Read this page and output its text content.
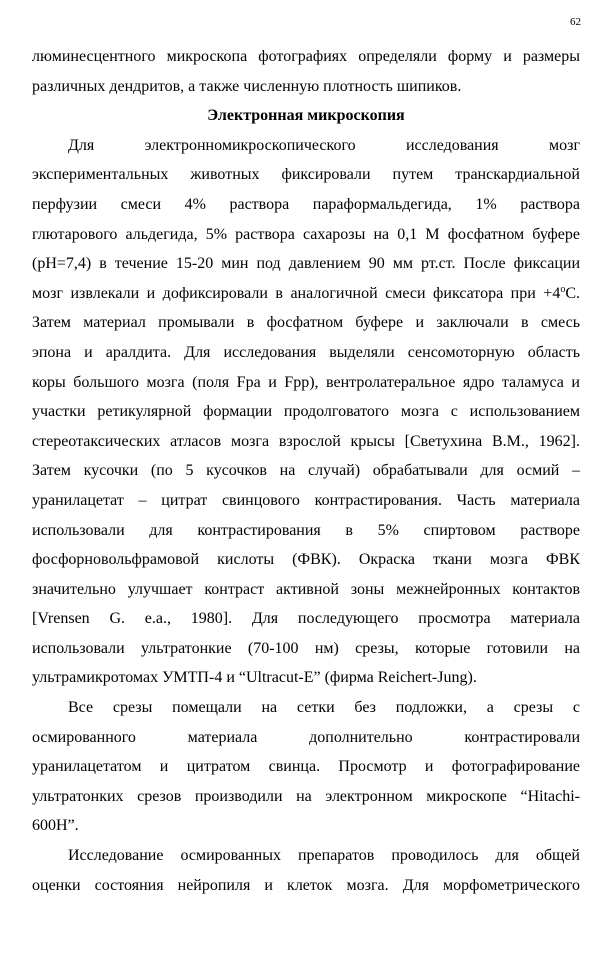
62
люминесцентного микроскопа фотографиях определяли форму и размеры
различных дендритов, а также численную плотность шипиков.
Электронная микроскопия
Для электронномикроскопического исследования мозг
экспериментальных животных фиксировали путем транскардиальной
перфузии смеси 4% раствора параформальдегида, 1% раствора
глютарового альдегида, 5% раствора сахарозы на 0,1 М фосфатном буфере
(рН=7,4) в течение 15-20 мин под давлением 90 мм рт.ст. После фиксации
мозг извлекали и дофиксировали в аналогичной смеси фиксатора при $+4^oC$.
Затем материал промывали в фосфатном буфере и заключали в смесь
эпона и аралдита. Для исследования выделяли сенсомоторную область
коры большого мозга (поля Fpa и Fpp), вентролатеральное ядро таламуса и
участки ретикулярной формации продолговатого мозга с использованием
стереотаксических атласов мозга взрослой крысы [Светухина В.М., 1962].
Затем кусочки (по 5 кусочков на случай) обрабатывали для осмий –
уранилацетат – цитрат свинцового контрастирования. Часть материала
использовали для контрастирования в 5% спиртовом растворе
фосфорновольфрамовой кислоты (ФВК). Окраска ткани мозга ФВК
значительно улучшает контраст активной зоны межнейронных контактов
[Vrensen G. e.a., 1980]. Для последующего просмотра материала
использовали ультратонкие (70-100 нм) срезы, которые готовили на
ультрамикротомах УМТП-4 и “Ultracut-E” (фирма Reichert-Jung).
Все срезы помещали на сетки без подложки, а срезы с
осмированного материала дополнительно контрастировали
уранилацетатом и цитратом свинца. Просмотр и фотографирование
ультратонких срезов производили на электронном микроскопе “Hitachi-
600H”.
Исследование осмированных препаратов проводилось для общей
оценки состояния нейропиля и клеток мозга. Для морфометрического
